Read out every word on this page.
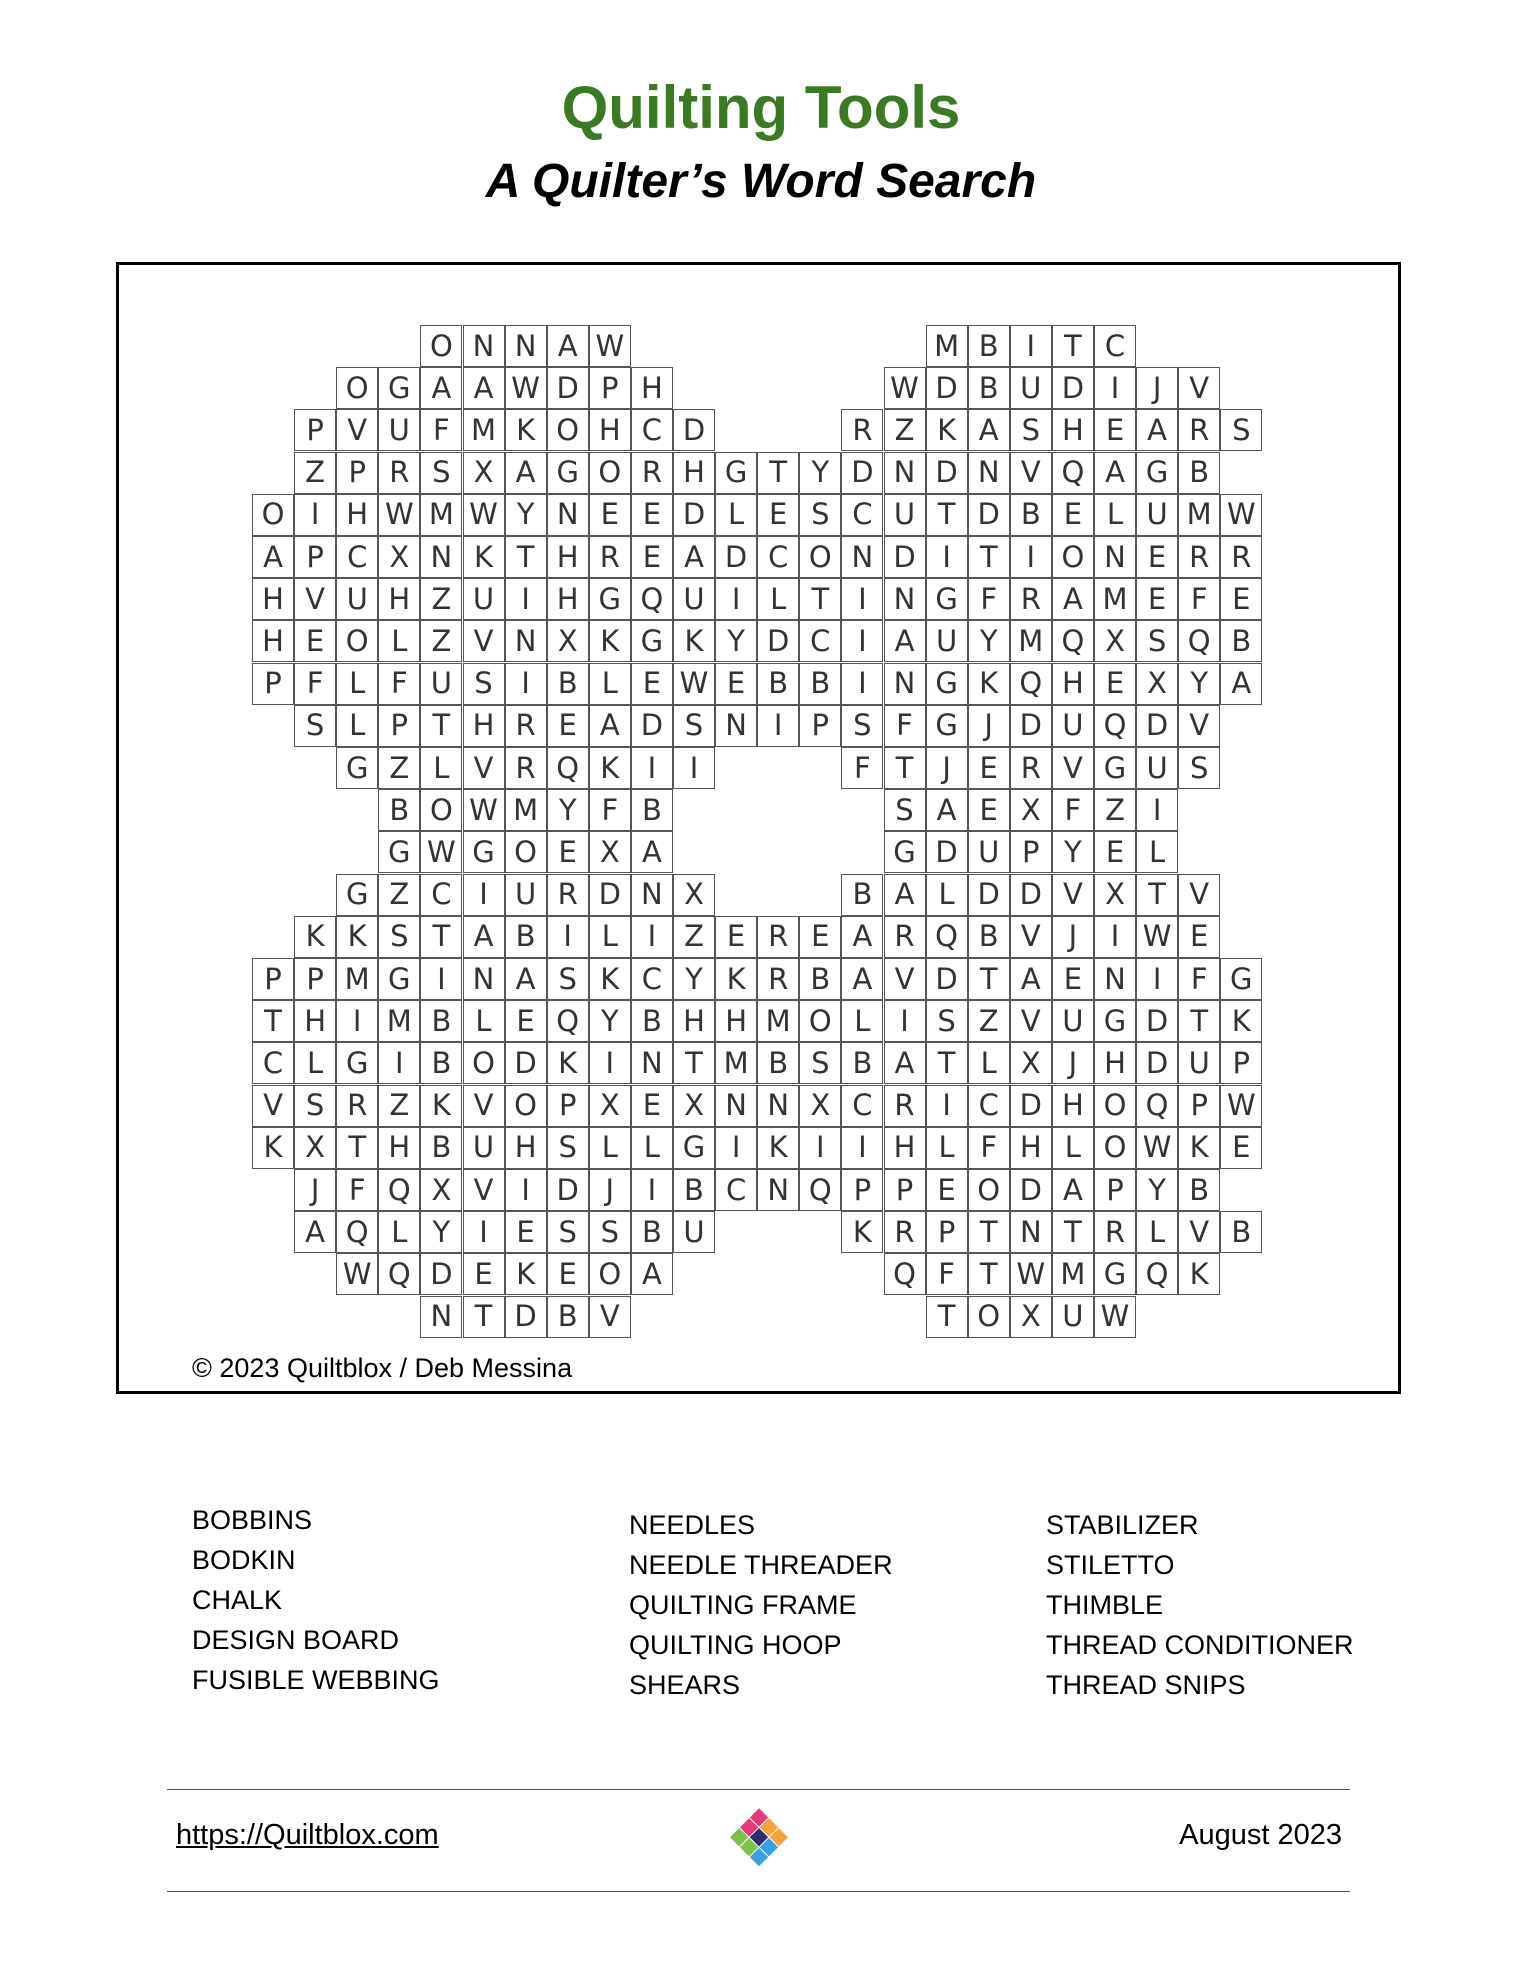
Quilting Tools
A Quilter’s Word Search
O N N A W	M B I T C
O G A A W D P H	W D B U D I	J V
P V U F M K O H C D	R Z K A S H E A R S
Z P R S X A G O R H G T Y D N D N V Q A G B
O I H W M W Y N E E D L E S C U T D B E L U M W
A P C X N K T H R E A D C O N D I T I O N E R R
H V U H Z U I H G Q U I	L T I N G F R A M E F E
H E O L Z V N X K G K Y D C I A U Y M Q X S Q B
P F L F U S I B L E W E B B I N G K Q H E X Y A
S L P T H R E A D S N I	P S F G J D U Q D V
G Z L V R Q K I	I	F T J E R V G U S
B O W M Y F B	S A E X F Z I
G W G O E X A	G D U P Y E L
G Z C I U R D N X	B A L D D V X T V
K K S T A B I	L	I Z E R E A R Q B V J	I W E
P P M G I N A S K C Y K R B A V D T A E N I	F G
T H I M B L E Q Y B H H M O L	I S Z V U G D T K
C L G I B O D K I N T M B S B A T L X J H D U P
V S R Z K V O P X E X N N X C R I C D H O Q P W
K X T H B U H S L L G I K I	I H L F H L O W K E
J	F Q X V I D J	I B C N Q P P E O D A P Y B
A Q L Y I E S S B U	K R P T N T R L V B
W Q D E K E O A	Q F T W M G Q K
N T D B V	T O X U W
© 2023 Quiltblox / Deb Messina
BOBBINS
BODKIN
CHALK
DESIGN BOARD
FUSIBLE WEBBING
NEEDLES
NEEDLE THREADER
QUILTING FRAME
QUILTING HOOP
SHEARS
STABILIZER
STILETTO
THIMBLE
THREAD CONDITIONER
THREAD SNIPS
https://Quiltblox.com	August 2023
